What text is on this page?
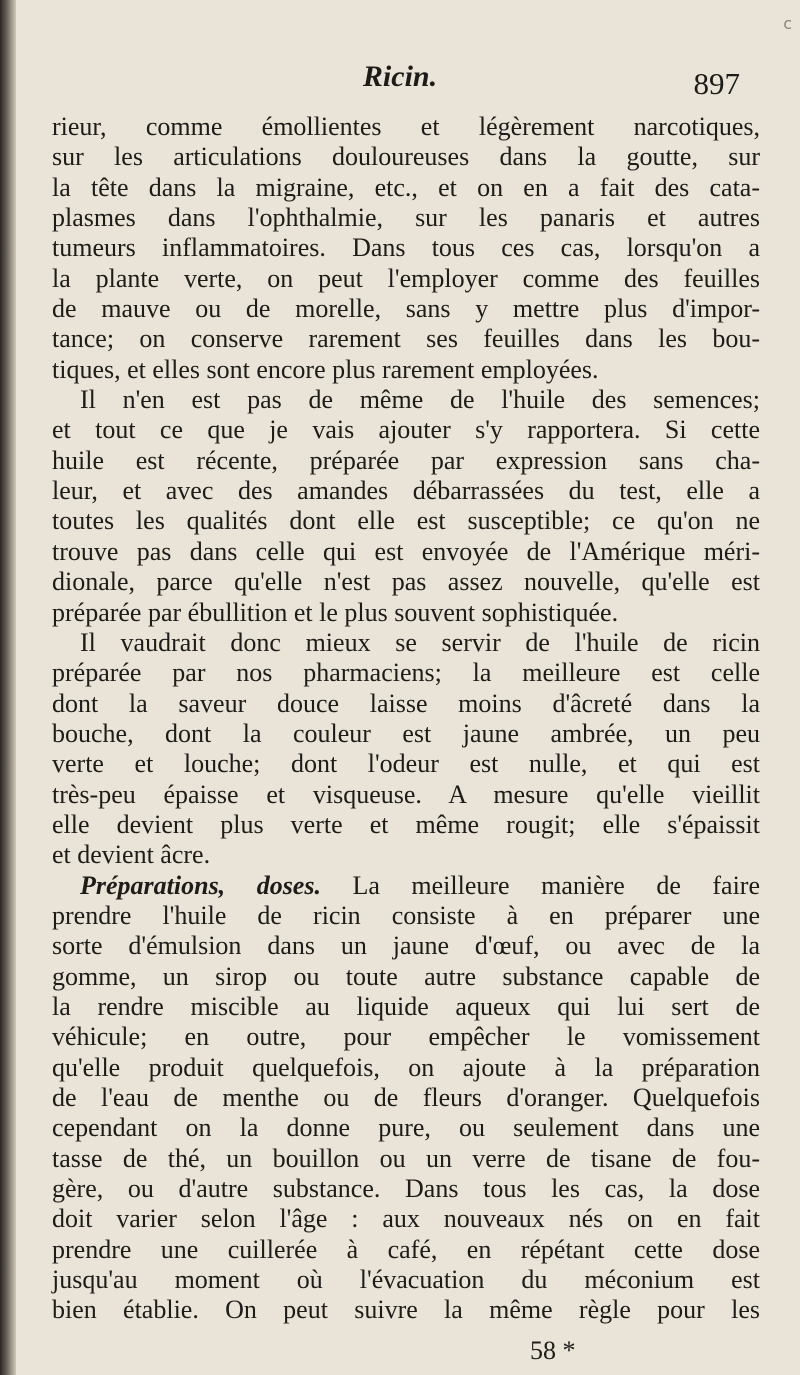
c
Ricin.	897
rieur, comme émollientes et légèrement narcotiques,
sur les articulations douloureuses dans la goutte, sur
la tête dans la migraine, etc., et on en a fait des cata-
plasmes dans l'ophthalmie, sur les panaris et autres
tumeurs inflammatoires. Dans tous ces cas, lorsqu'on a
la plante verte, on peut l'employer comme des feuilles
de mauve ou de morelle, sans y mettre plus d'impor-
tance; on conserve rarement ses feuilles dans les bou-
tiques, et elles sont encore plus rarement employées.
Il n'en est pas de même de l'huile des semences;
et tout ce que je vais ajouter s'y rapportera. Si cette
huile est récente, préparée par expression sans cha-
leur, et avec des amandes débarrassées du test, elle a
toutes les qualités dont elle est susceptible; ce qu'on ne
trouve pas dans celle qui est envoyée de l'Amérique méri-
dionale, parce qu'elle n'est pas assez nouvelle, qu'elle est
préparée par ébullition et le plus souvent sophistiquée.
Il vaudrait donc mieux se servir de l'huile de ricin
préparée par nos pharmaciens; la meilleure est celle
dont la saveur douce laisse moins d'âcreté dans la
bouche, dont la couleur est jaune ambrée, un peu
verte et louche; dont l'odeur est nulle, et qui est
très-peu épaisse et visqueuse. A mesure qu'elle vieillit
elle devient plus verte et même rougit; elle s'épaissit
et devient âcre.
Préparations, doses. La meilleure manière de faire
prendre l'huile de ricin consiste à en préparer une
sorte d'émulsion dans un jaune d'œuf, ou avec de la
gomme, un sirop ou toute autre substance capable de
la rendre miscible au liquide aqueux qui lui sert de
véhicule; en outre, pour empêcher le vomissement
qu'elle produit quelquefois, on ajoute à la préparation
de l'eau de menthe ou de fleurs d'oranger. Quelquefois
cependant on la donne pure, ou seulement dans une
tasse de thé, un bouillon ou un verre de tisane de fou-
gère, ou d'autre substance. Dans tous les cas, la dose
doit varier selon l'âge : aux nouveaux nés on en fait
prendre une cuillerée à café, en répétant cette dose
jusqu'au moment où l'évacuation du méconium est
bien établie. On peut suivre la même règle pour les
58 *
